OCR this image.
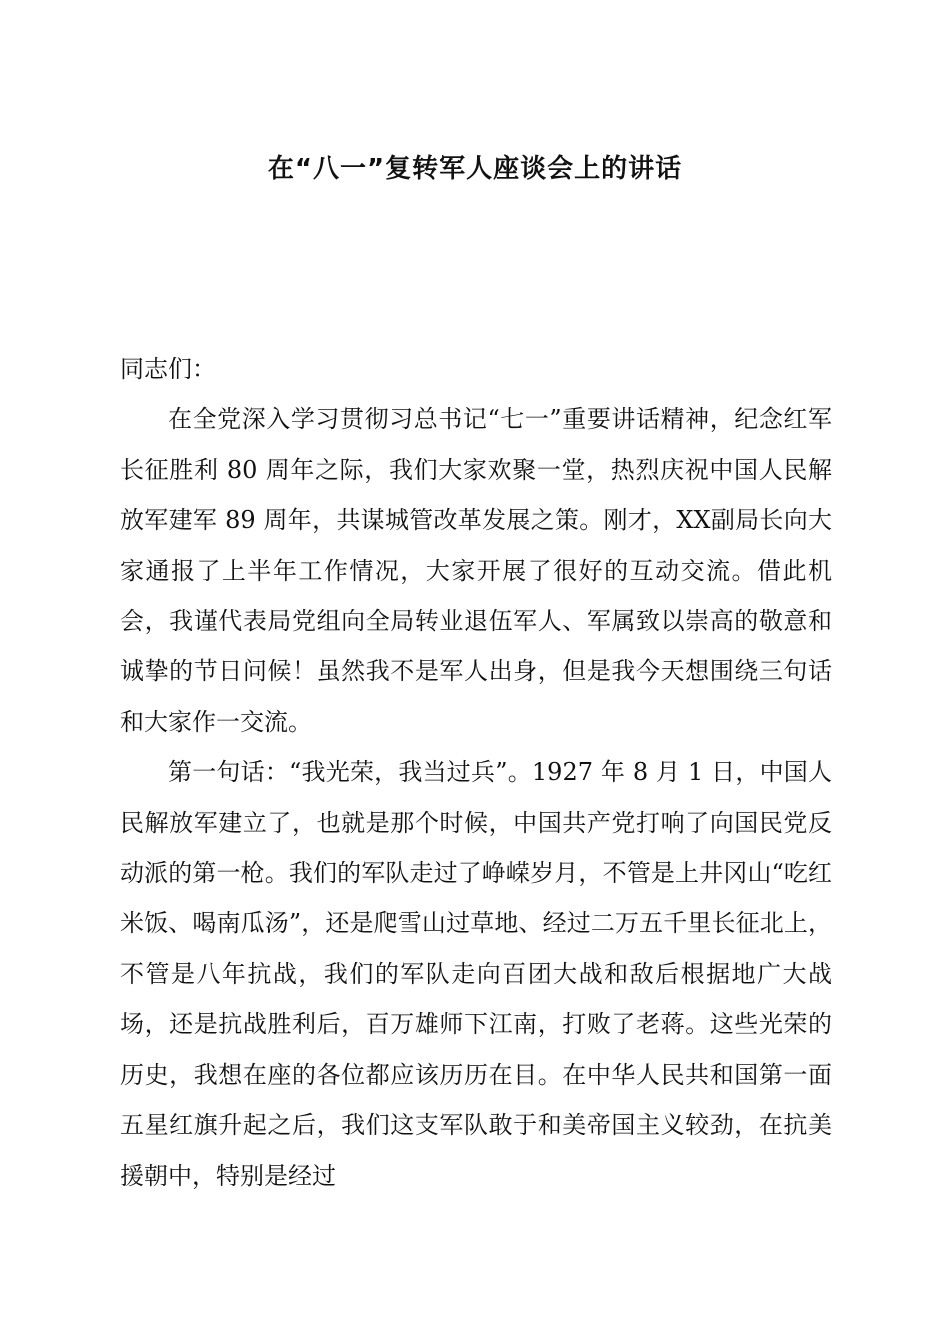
在“八一”复转军人座谈会上的讲话

同志们：

在全党深入学习贯彻习总书记“七一”重要讲话精神，纪念红军长征胜利 80 周年之际，我们大家欢聚一堂，热烈庆祝中国人民解放军建军 89 周年，共谋城管改革发展之策。刚才，XX副局长向大家通报了上半年工作情况，大家开展了很好的互动交流。借此机会，我谨代表局党组向全局转业退伍军人、军属致以崇高的敬意和诚挚的节日问候！虽然我不是军人出身，但是我今天想围绕三句话和大家作一交流。

第一句话：“我光荣，我当过兵”。1927 年 8 月 1 日，中国人民解放军建立了，也就是那个时候，中国共产党打响了向国民党反动派的第一枪。我们的军队走过了峥嵘岁月，不管是上井冈山“吃红米饭、喝南瓜汤”，还是爬雪山过草地、经过二万五千里长征北上，不管是八年抗战，我们的军队走向百团大战和敌后根据地广大战场，还是抗战胜利后，百万雄师下江南，打败了老蒋。这些光荣的历史，我想在座的各位都应该历历在目。在中华人民共和国第一面五星红旗升起之后，我们这支军队敢于和美帝国主义较劲，在抗美援朝中，特别是经过
